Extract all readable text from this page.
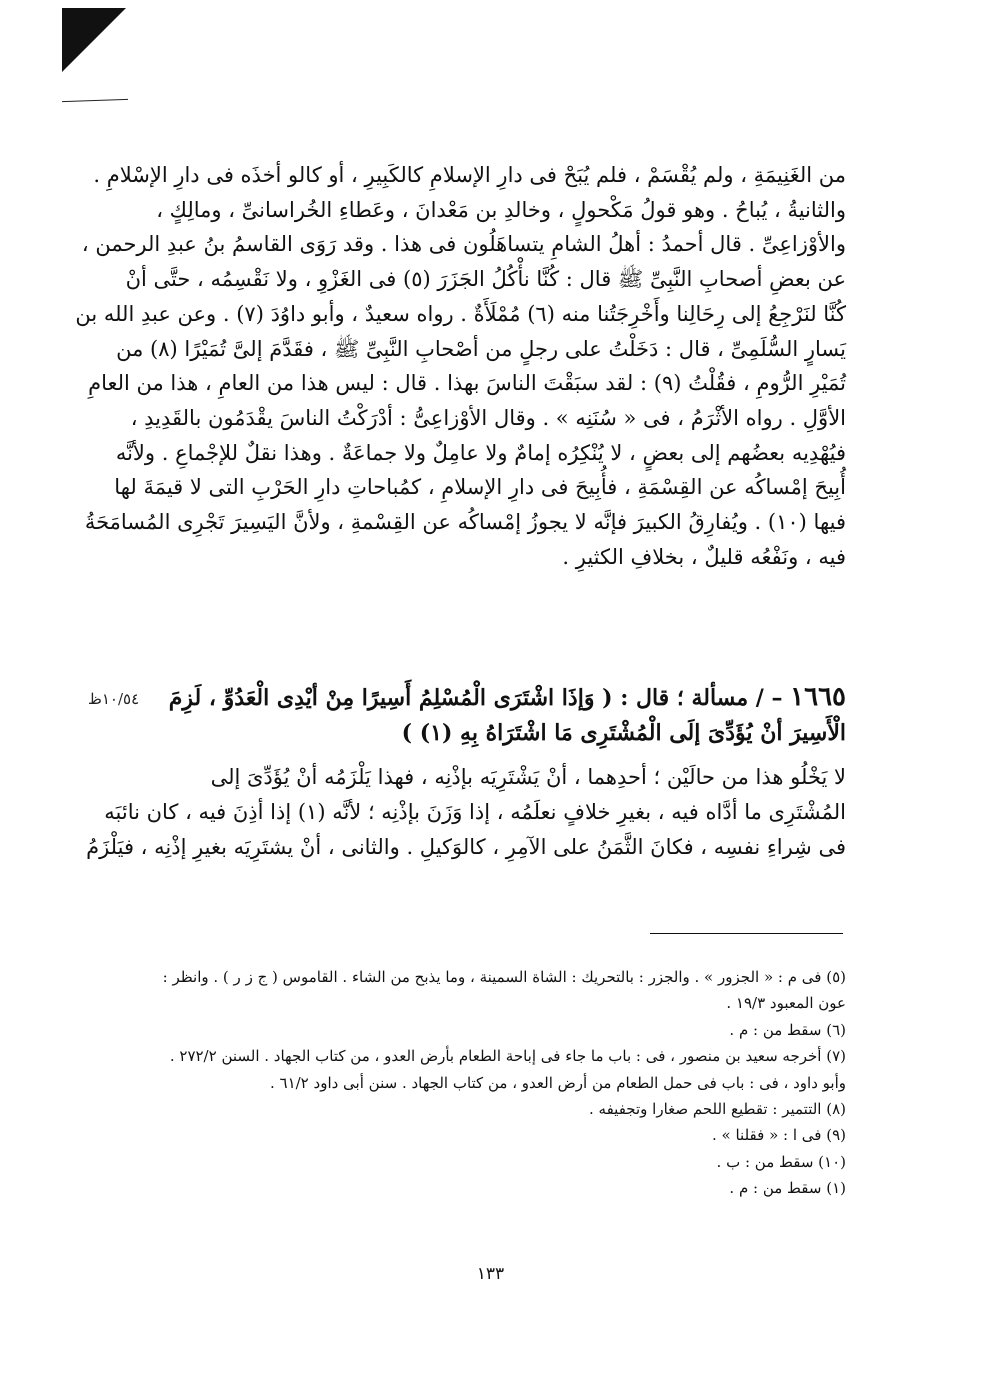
من الغَنِيمَةِ ، ولم يُقْسَمْ ، فلم يُبَحْ فى دارِ الإسلامِ كالكَبِيرِ ، أو كالو أخذَه فى دارِ الإسْلامِ .
والثانيةُ ، يُباحُ . وهو قولُ مَكْحولٍ ، وخالدِ بن مَعْدانَ ، وعَطاءِ الخُراسانىِّ ، ومالِكٍ ،
والأوْزاعِىِّ . قال أحمدُ : أهلُ الشامِ يتساهَلُون فى هذا . وقد رَوَى القاسمُ بنُ عبدِ الرحمن ،
عن بعضِ أصحابِ النَّبِىِّ ﷺ قال : كُنَّا نأْكُلُ الجَزَرَ (٥) فى الغَزْوِ ، ولا نَقْسِمُه ، حتَّى أنْ
كُنَّا لنَرْجِعُ إلى رِحَالِنا وأَخْرِجَتُنا منه (٦) مُمْلَأَةٌ . رواه سعيدٌ ، وأبو داوُدَ (٧) . وعن عبدِ الله بن
يَسارٍ السُّلَمِىِّ ، قال : دَخَلْتُ على رجلٍ من أصْحابِ النَّبِىِّ ﷺ ، فقَدَّمَ إلىَّ تُمَيْرًا (٨) من
تُمَيْرِ الرُّومِ ، فقُلْتُ (٩) : لقد سبَقْتَ الناسَ بهذا . قال : ليس هذا من العامِ ، هذا من العامِ
الأوَّلِ . رواه الأثْرَمُ ، فى « سُنَنِه » . وقال الأوْزاعِىُّ : أدْرَكْتُ الناسَ يقْدَمُون بالقَدِيدِ ،
فيُهْدِيه بعضُهم إلى بعضٍ ، لا يُنْكِرُه إمامٌ ولا عامِلٌ ولا جماعَةٌ . وهذا نقلٌ للإجْماعِ . ولأنَّه
أُبِيحَ إمْساكُه عن القِسْمَةِ ، فأُبِيحَ فى دارِ الإسلامِ ، كمُباحاتِ دارِ الحَرْبِ التى لا قيمَةَ لها
فيها (١٠) . ويُفارِقُ الكبيرَ فإنَّه لا يجوزُ إمْساكُه عن القِسْمةِ ، ولأنَّ اليَسِيرَ تَجْرِى المُسامَحَةُ
فيه ، ونَفْعُه قليلٌ ، بخلافِ الكثيرِ .
١٠/٥٤ظ	١٦٦٥ – / مسألة ؛ قال : ( وَإذَا اشْتَرَى الْمُسْلِمُ أَسِيرًا مِنْ أيْدِى الْعَدُوِّ ، لَزِمَ
الْأَسِيرَ أنْ يُؤَدِّىَ إلَى الْمُشْتَرِى مَا اشْتَرَاهُ بِهِ (١) )
لا يَخْلُو هذا من حالَيْن ؛ أحدِهما ، أنْ يَشْتَرِيَه بإذْنِه ، فهذا يَلْزَمُه أنْ يُؤَدِّىَ إلى
المُشْتَرِى ما أدَّاه فيه ، بغيرِ خلافٍ نعلَمُه ، إذا وَزَنَ بإذْنِه ؛ لأنَّه (١) إذا أذِنَ فيه ، كان نائبَه
فى شِراءِ نفسِه ، فكانَ الثَّمَنُ على الآمِرِ ، كالوَكيلِ . والثانى ، أنْ يشتَرِيَه بغيرِ إذْنِه ، فيَلْزَمُ
(٥) فى م : « الجزور » . والجزر : بالتحريك : الشاة السمينة ، وما يذبح من الشاء . القاموس ( ج ز ر ) . وانظر :
عون المعبود ١٩/٣ .
(٦) سقط من : م .
(٧) أخرجه سعيد بن منصور ، فى : باب ما جاء فى إباحة الطعام بأرض العدو ، من كتاب الجهاد . السنن ٢٧٢/٢ .
وأبو داود ، فى : باب فى حمل الطعام من أرض العدو ، من كتاب الجهاد . سنن أبى داود ٦١/٢ .
(٨) التتمير : تقطيع اللحم صغارا وتجفيفه .
(٩) فى ا : « فقلنا » .
(١٠) سقط من : ب .
(١) سقط من : م .
١٣٣
